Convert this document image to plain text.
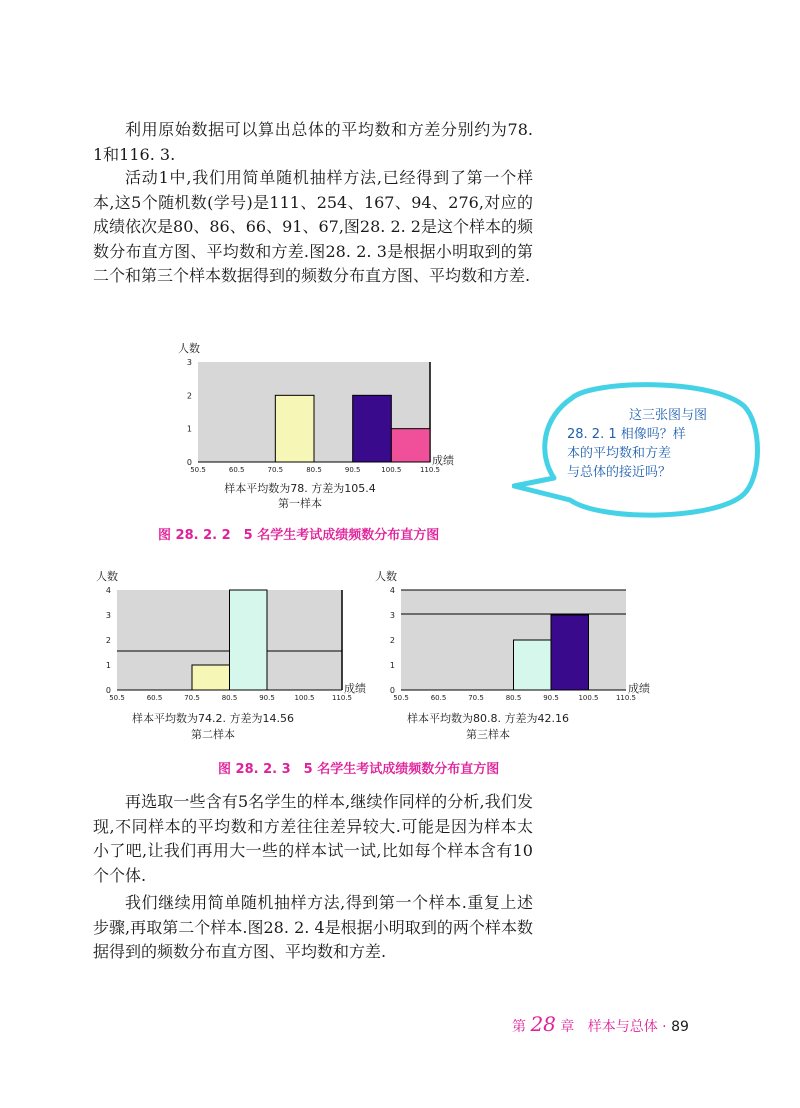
利用原始数据可以算出总体的平均数和方差分别约为78. 1和116. 3.

活动1中,我们用简单随机抽样方法,已经得到了第一个样本,这5个随机数(学号)是111、254、167、94、276,对应的成绩依次是80、86、66、91、67,图28. 2. 2是这个样本的频数分布直方图、平均数和方差.图28. 2. 3是根据小明取到的第二个和第三个样本数据得到的频数分布直方图、平均数和方差.

再选取一些含有5名学生的样本,继续作同样的分析,我们发现,不同样本的平均数和方差往往差异较大.可能是因为样本太小了吧,让我们再用大一些的样本试一试,比如每个样本含有10个个体.

我们继续用简单随机抽样方法,得到第一个样本.重复上述步骤,再取第二个样本.图28. 2. 4是根据小明取到的两个样本数据得到的频数分布直方图、平均数和方差.

0
1
2
3
50.5	60.5	70.5	80.5	90.5	100.5	110.5
人数
成绩
样本平均数为78. 方差为105.4
第一样本
图 28. 2. 2　5 名学生考试成绩频数分布直方图
0
1
2
3
4
50.5	60.5	70.5	80.5	90.5	100.5 110.5
人数
成绩
样本平均数为74.2. 方差为14.56
第二样本
0
1
2
3
4
50.5	60.5	70.5	80.5	90.5	100.5 110.5
人数
成绩
样本平均数为80.8. 方差为42.16
第三样本
图 28. 2. 3　5 名学生考试成绩频数分布直方图
这三张图与图
28. 2. 1 相像吗？样
本的平均数和方差
与总体的接近吗？
第 28 章 样本与总体 · 89
